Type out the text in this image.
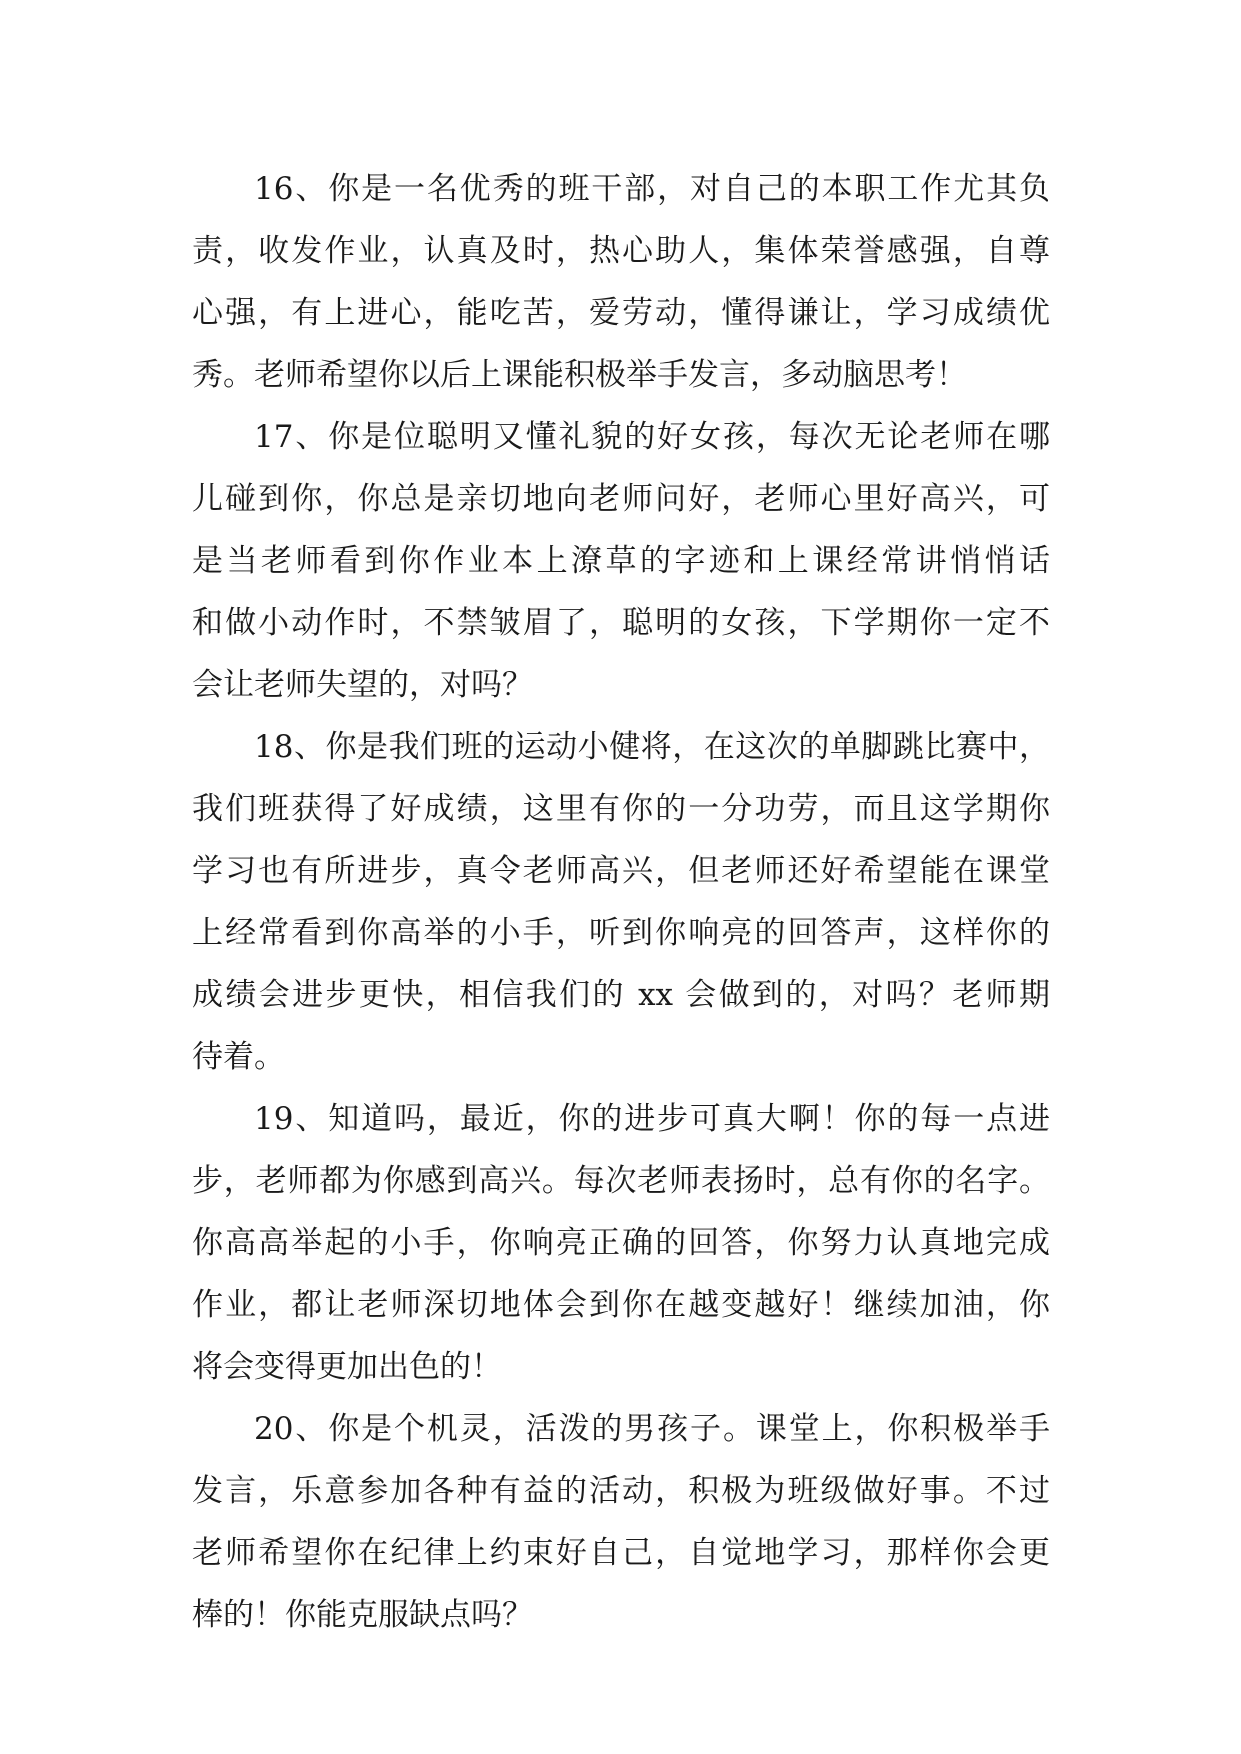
16、你是一名优秀的班干部，对自己的本职工作尤其负
责，收发作业，认真及时，热心助人，集体荣誉感强，自尊
心强，有上进心，能吃苦，爱劳动，懂得谦让，学习成绩优
秀。老师希望你以后上课能积极举手发言，多动脑思考！
17、你是位聪明又懂礼貌的好女孩，每次无论老师在哪
儿碰到你，你总是亲切地向老师问好，老师心里好高兴，可
是当老师看到你作业本上潦草的字迹和上课经常讲悄悄话
和做小动作时，不禁皱眉了，聪明的女孩，下学期你一定不
会让老师失望的，对吗？
18、你是我们班的运动小健将，在这次的单脚跳比赛中，
我们班获得了好成绩，这里有你的一分功劳，而且这学期你
学习也有所进步，真令老师高兴，但老师还好希望能在课堂
上经常看到你高举的小手，听到你响亮的回答声，这样你的
成绩会进步更快，相信我们的 xx 会做到的，对吗？老师期
待着。
19、知道吗，最近，你的进步可真大啊！你的每一点进
步，老师都为你感到高兴。每次老师表扬时，总有你的名字。
你高高举起的小手，你响亮正确的回答，你努力认真地完成
作业，都让老师深切地体会到你在越变越好！继续加油，你
将会变得更加出色的！
20、你是个机灵，活泼的男孩子。课堂上，你积极举手
发言，乐意参加各种有益的活动，积极为班级做好事。不过
老师希望你在纪律上约束好自己，自觉地学习，那样你会更
棒的！你能克服缺点吗？
